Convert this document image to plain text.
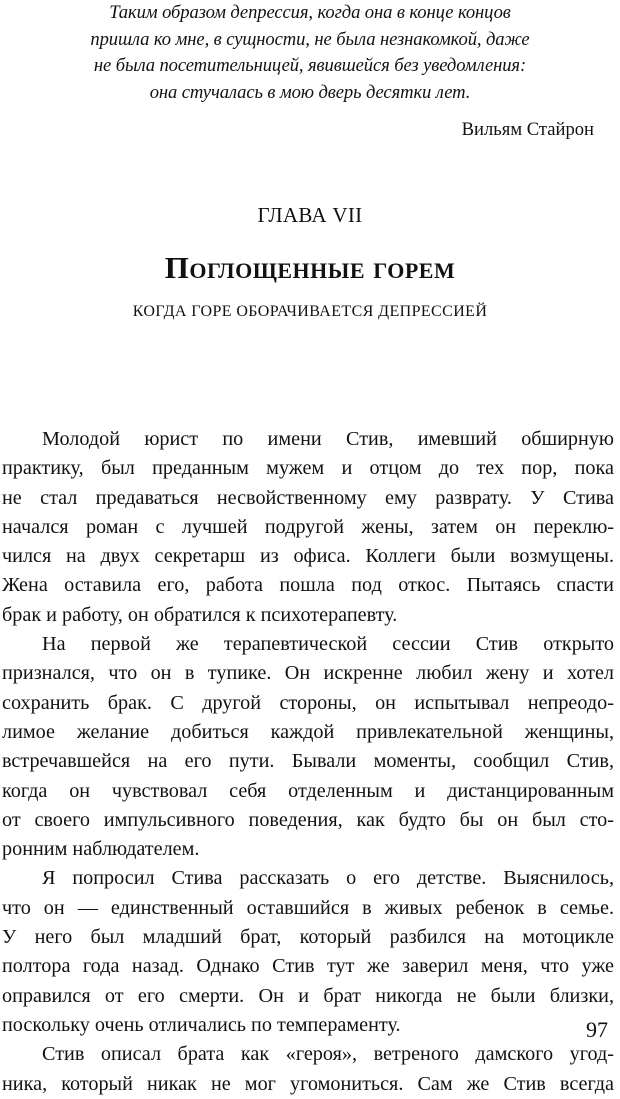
Таким образом депрессия, когда она в конце концов
пришла ко мне, в сущности, не была незнакомкой, даже
не была посетительницей, явившейся без уведомления:
она стучалась в мою дверь десятки лет.
Вильям Стайрон
ГЛАВА VII
Поглощенные горем
КОГДА ГОРЕ ОБОРАЧИВАЕТСЯ ДЕПРЕССИЕЙ
Молодой юрист по имени Стив, имевший обширную
практику, был преданным мужем и отцом до тех пор, пока
не стал предаваться несвойственному ему разврату. У Стива
начался роман с лучшей подругой жены, затем он переклю-
чился на двух секретарш из офиса. Коллеги были возмущены.
Жена оставила его, работа пошла под откос. Пытаясь спасти
брак и работу, он обратился к психотерапевту.
На первой же терапевтической сессии Стив открыто
признался, что он в тупике. Он искренне любил жену и хотел
сохранить брак. С другой стороны, он испытывал непреодо-
лимое желание добиться каждой привлекательной женщины,
встречавшейся на его пути. Бывали моменты, сообщил Стив,
когда он чувствовал себя отделенным и дистанцированным
от своего импульсивного поведения, как будто бы он был сто-
ронним наблюдателем.
Я попросил Стива рассказать о его детстве. Выяснилось,
что он — единственный оставшийся в живых ребенок в семье.
У него был младший брат, который разбился на мотоцикле
полтора года назад. Однако Стив тут же заверил меня, что уже
оправился от его смерти. Он и брат никогда не были близки,
поскольку очень отличались по темпераменту.
Стив описал брата как «героя», ветреного дамского угод-
ника, который никак не мог угомониться. Сам же Стив всегда
97
